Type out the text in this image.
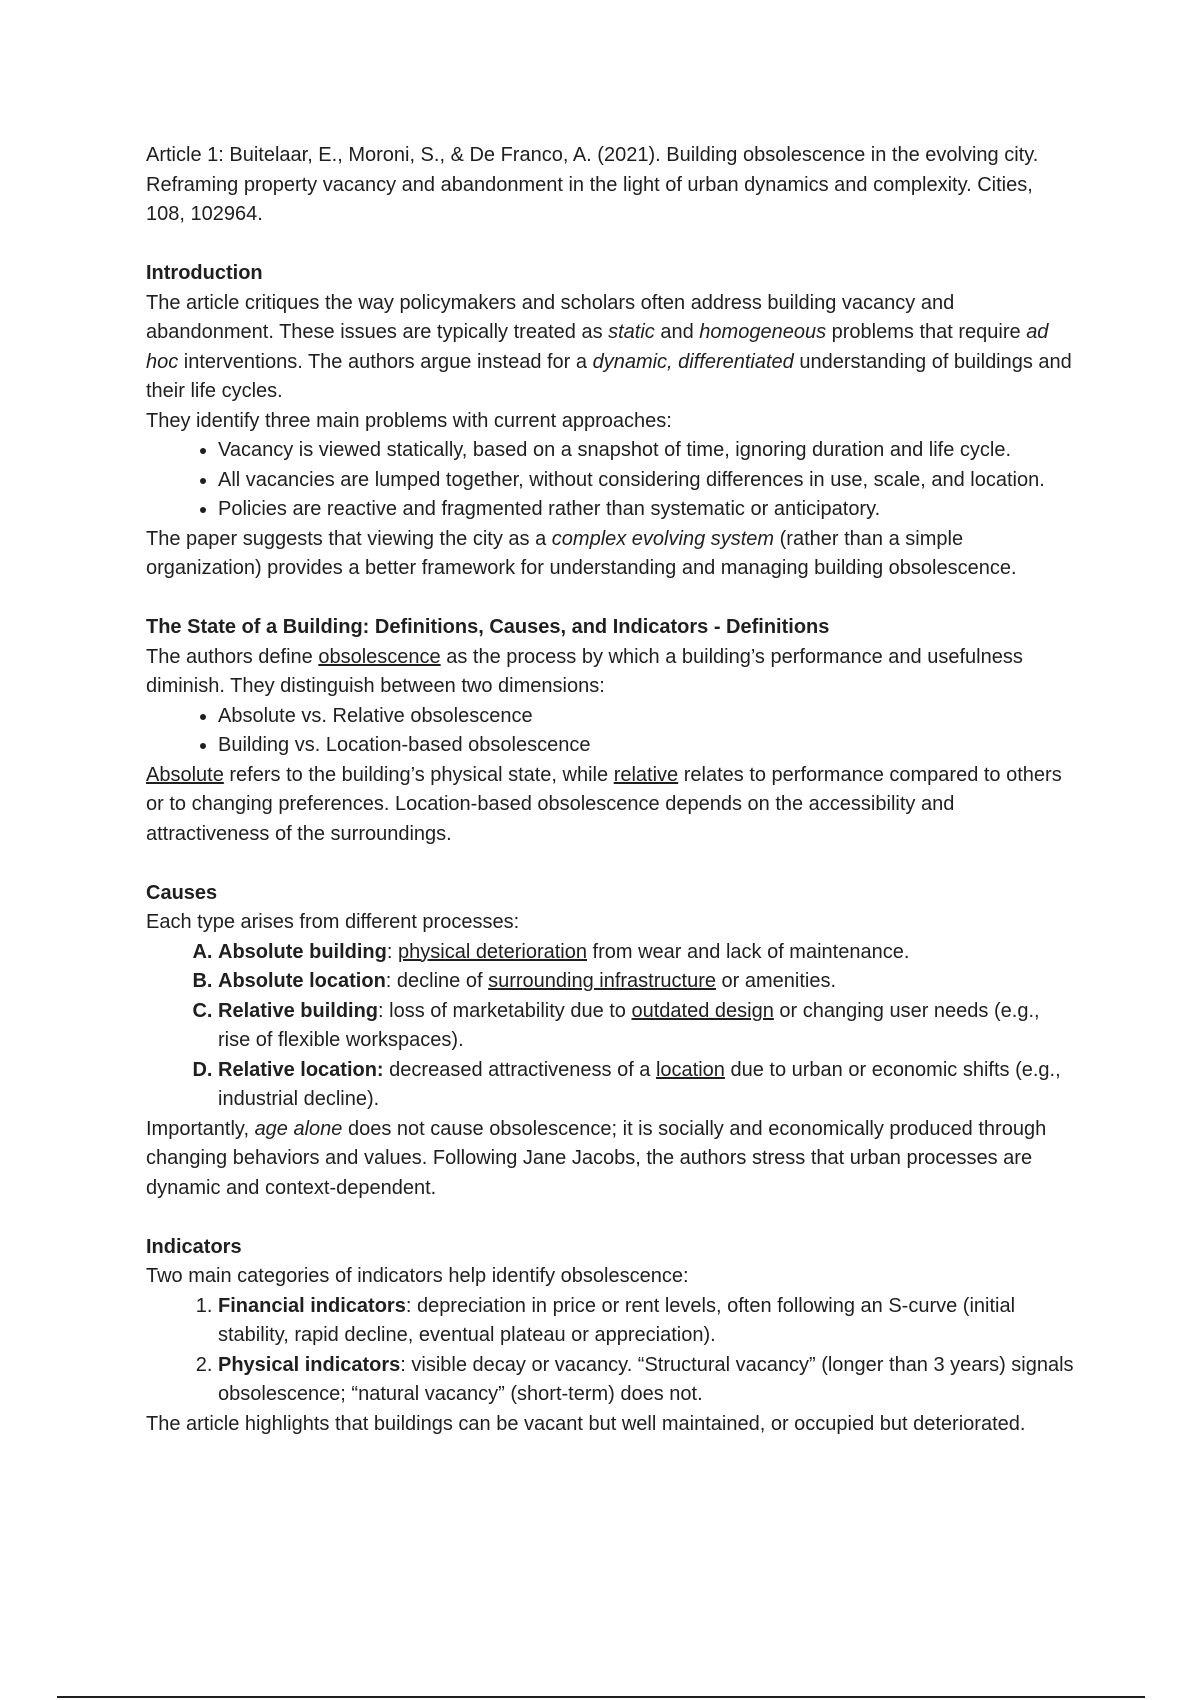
Article 1: Buitelaar, E., Moroni, S., & De Franco, A. (2021). Building obsolescence in the evolving city. Reframing property vacancy and abandonment in the light of urban dynamics and complexity. Cities, 108, 102964.

Introduction

The article critiques the way policymakers and scholars often address building vacancy and abandonment. These issues are typically treated as static and homogeneous problems that require ad hoc interventions. The authors argue instead for a dynamic, differentiated understanding of buildings and their life cycles.

They identify three main problems with current approaches:

• Vacancy is viewed statically, based on a snapshot of time, ignoring duration and life cycle.
• All vacancies are lumped together, without considering differences in use, scale, and location.
• Policies are reactive and fragmented rather than systematic or anticipatory.

The paper suggests that viewing the city as a complex evolving system (rather than a simple organization) provides a better framework for understanding and managing building obsolescence.

The State of a Building: Definitions, Causes, and Indicators - Definitions

The authors define obsolescence as the process by which a building’s performance and usefulness diminish. They distinguish between two dimensions:

• Absolute vs. Relative obsolescence
• Building vs. Location-based obsolescence

Absolute refers to the building’s physical state, while relative relates to performance compared to others or to changing preferences. Location-based obsolescence depends on the accessibility and attractiveness of the surroundings.

Causes

Each type arises from different processes:

A. Absolute building: physical deterioration from wear and lack of maintenance.
B. Absolute location: decline of surrounding infrastructure or amenities.
C. Relative building: loss of marketability due to outdated design or changing user needs (e.g., rise of flexible workspaces).
D. Relative location: decreased attractiveness of a location due to urban or economic shifts (e.g., industrial decline).

Importantly, age alone does not cause obsolescence; it is socially and economically produced through changing behaviors and values. Following Jane Jacobs, the authors stress that urban processes are dynamic and context-dependent.

Indicators

Two main categories of indicators help identify obsolescence:

1. Financial indicators: depreciation in price or rent levels, often following an S-curve (initial stability, rapid decline, eventual plateau or appreciation).
2. Physical indicators: visible decay or vacancy. “Structural vacancy” (longer than 3 years) signals obsolescence; “natural vacancy” (short-term) does not.

The article highlights that buildings can be vacant but well maintained, or occupied but deteriorated.
